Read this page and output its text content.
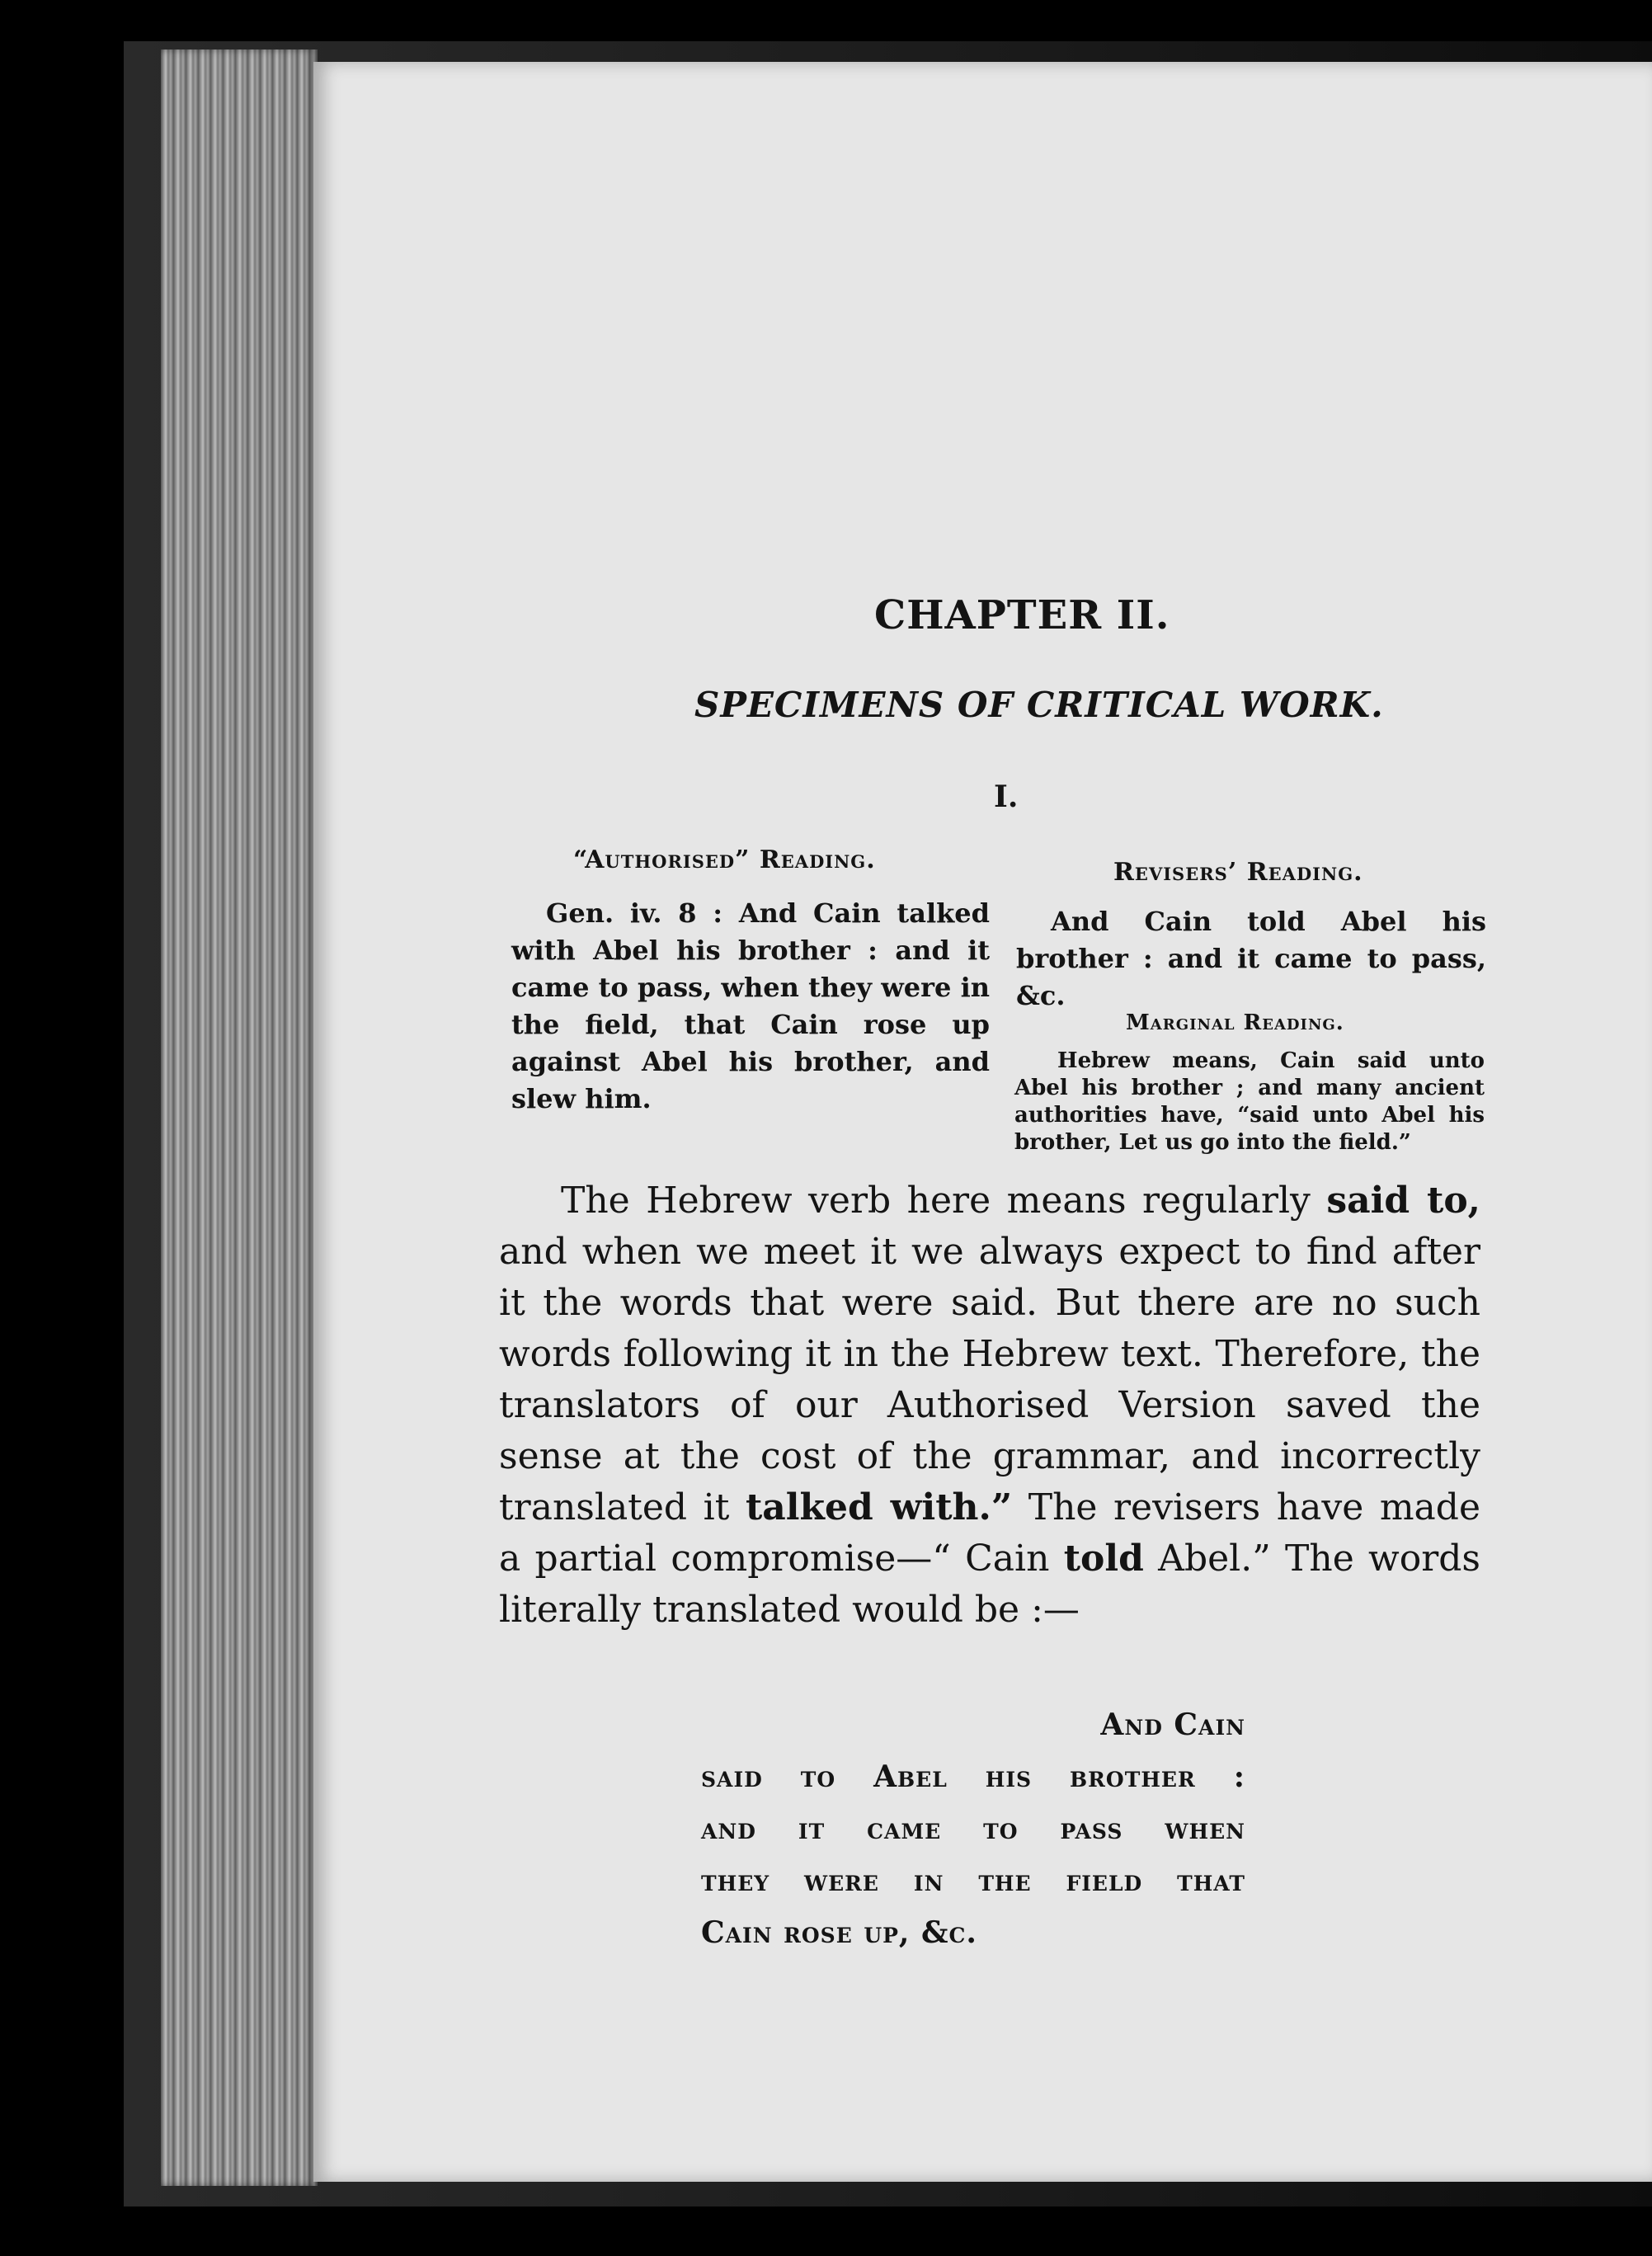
CHAPTER II.
SPECIMENS OF CRITICAL WORK.
I.
“Authorised” Reading.

Gen. iv. 8 : And Cain talked with Abel his brother : and it came to pass, when they were in the field, that Cain rose up against Abel his brother, and slew him.

Revisers’ Reading.

And Cain told Abel his brother : and it came to pass, &c.

Marginal Reading.

Hebrew means, Cain said unto Abel his brother ; and many ancient authorities have, “said unto Abel his brother, Let us go into the field.”

The Hebrew verb here means regularly said to, and when we meet it we always expect to find after it the words that were said. But there are no such words following it in the Hebrew text. Therefore, the translators of our Authorised Version saved the sense at the cost of the grammar, and incorrectly translated it talked with.” The revisers have made a partial compromise—“ Cain told Abel.” The words literally translated would be :—

And Cain
said to Abel his brother :
and it came to pass when
they were in the field that
Cain rose up, &c.
